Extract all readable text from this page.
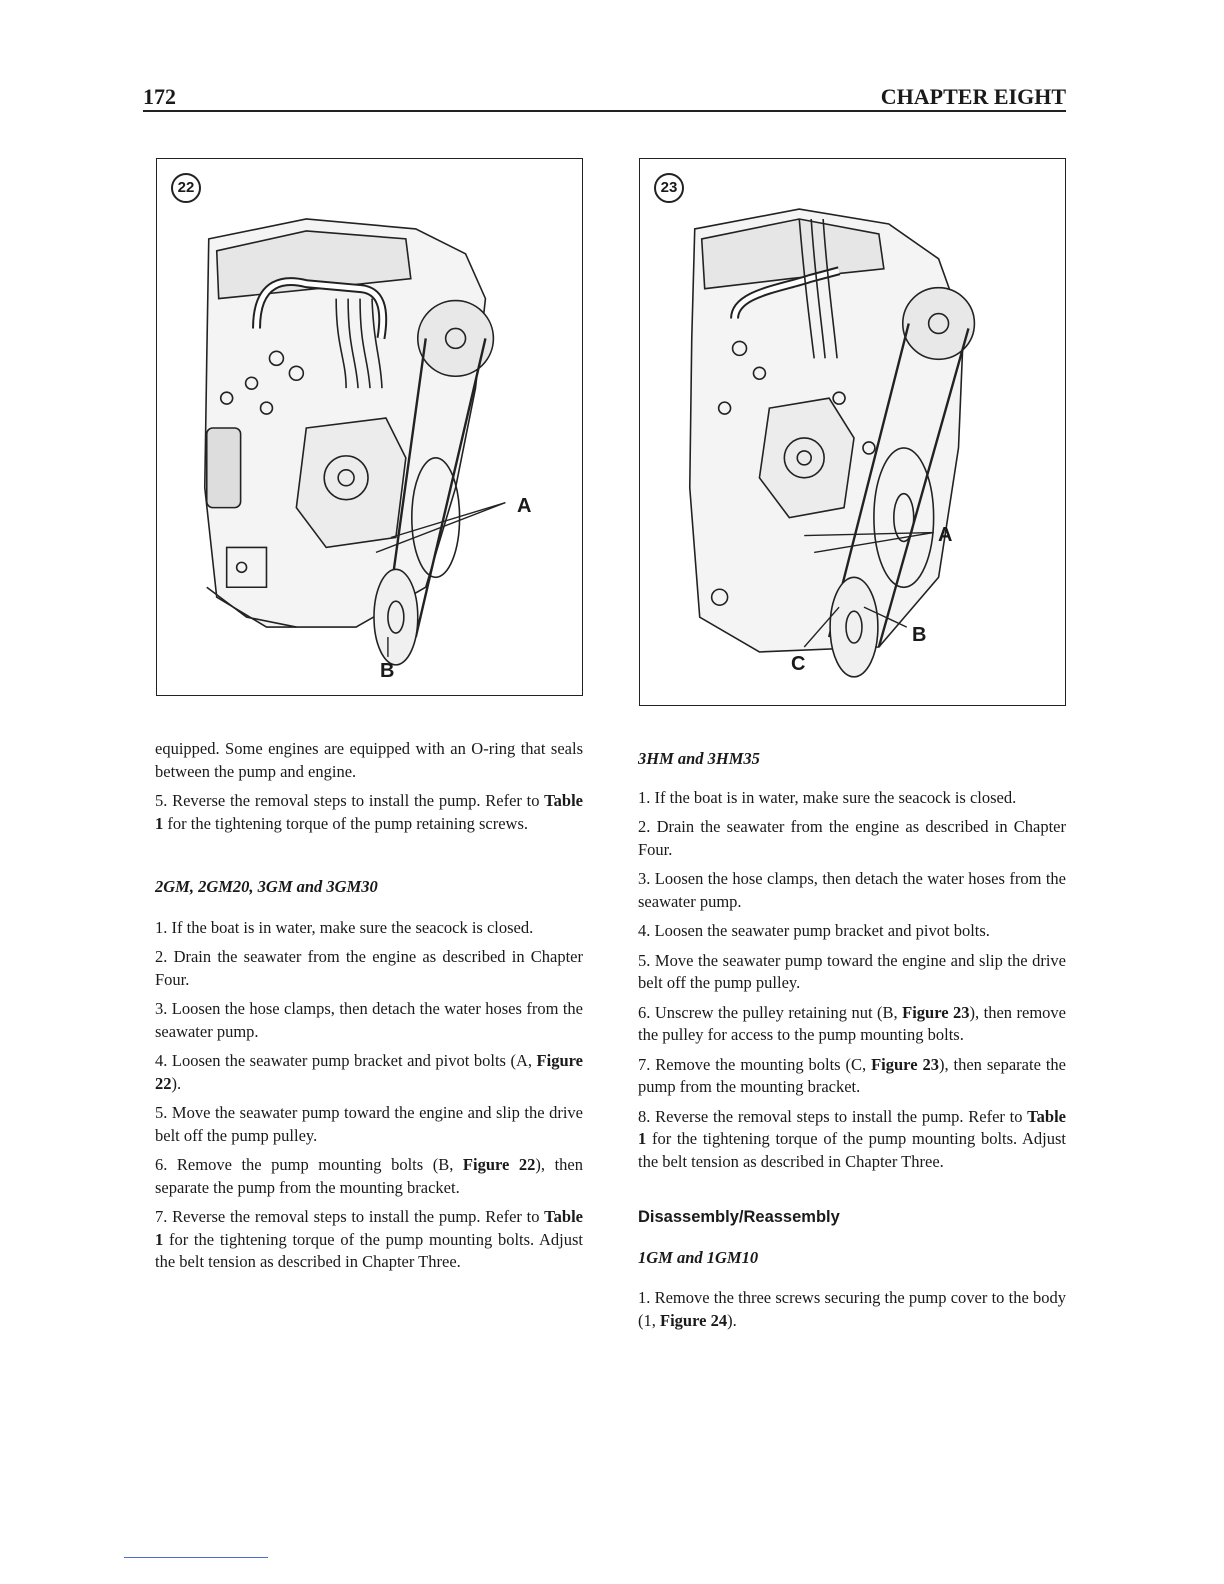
172	CHAPTER EIGHT
22
A
B
23
A
B
C

equipped. Some engines are equipped with an O-ring that seals between the pump and engine.

5. Reverse the removal steps to install the pump. Refer to Table 1 for the tightening torque of the pump retaining screws.

2GM, 2GM20, 3GM and 3GM30

1. If the boat is in water, make sure the seacock is closed.

2. Drain the seawater from the engine as described in Chapter Four.

3. Loosen the hose clamps, then detach the water hoses from the seawater pump.

4. Loosen the seawater pump bracket and pivot bolts (A, Figure 22).

5. Move the seawater pump toward the engine and slip the drive belt off the pump pulley.

6. Remove the pump mounting bolts (B, Figure 22), then separate the pump from the mounting bracket.

7. Reverse the removal steps to install the pump. Refer to Table 1 for the tightening torque of the pump mounting bolts. Adjust the belt tension as described in Chapter Three.

3HM and 3HM35

1. If the boat is in water, make sure the seacock is closed.

2. Drain the seawater from the engine as described in Chapter Four.

3. Loosen the hose clamps, then detach the water hoses from the seawater pump.

4. Loosen the seawater pump bracket and pivot bolts.

5. Move the seawater pump toward the engine and slip the drive belt off the pump pulley.

6. Unscrew the pulley retaining nut (B, Figure 23), then remove the pulley for access to the pump mounting bolts.

7. Remove the mounting bolts (C, Figure 23), then separate the pump from the mounting bracket.

8. Reverse the removal steps to install the pump. Refer to Table 1 for the tightening torque of the pump mounting bolts. Adjust the belt tension as described in Chapter Three.

Disassembly/Reassembly
1GM and 1GM10

1. Remove the three screws securing the pump cover to the body (1, Figure 24).
